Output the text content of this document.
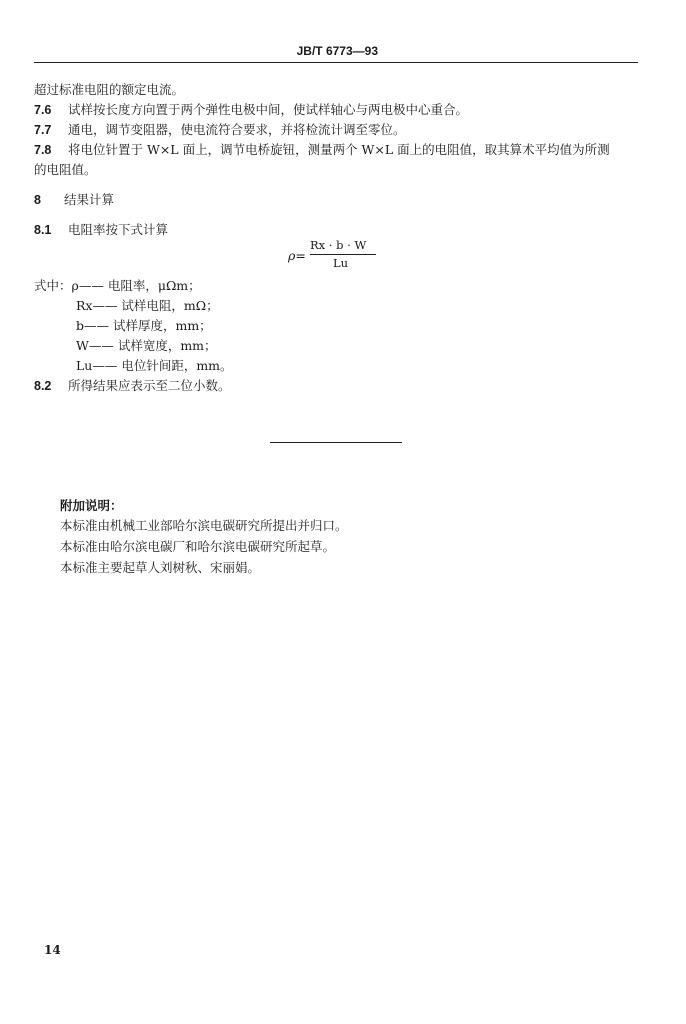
JB/T 6773—93
超过标准电阻的额定电流。
7.6 试样按长度方向置于两个弹性电极中间，使试样轴心与两电极中心重合。
7.7 通电，调节变阻器，使电流符合要求，并将检流计调至零位。
7.8 将电位针置于 W×L 面上，调节电桥旋钮，测量两个 W×L 面上的电阻值，取其算术平均值为所测
的电阻值。
8 结果计算
8.1 电阻率按下式计算
ρ=
Rx · b · W
Lu
式中：ρ—— 电阻率，μΩm；
Rx—— 试样电阻，mΩ；
b—— 试样厚度，mm；
W—— 试样宽度，mm；
Lu—— 电位针间距，mm。
8.2 所得结果应表示至二位小数。
附加说明：
本标准由机械工业部哈尔滨电碳研究所提出并归口。
本标准由哈尔滨电碳厂和哈尔滨电碳研究所起草。
本标准主要起草人刘树秋、宋丽娟。
14
